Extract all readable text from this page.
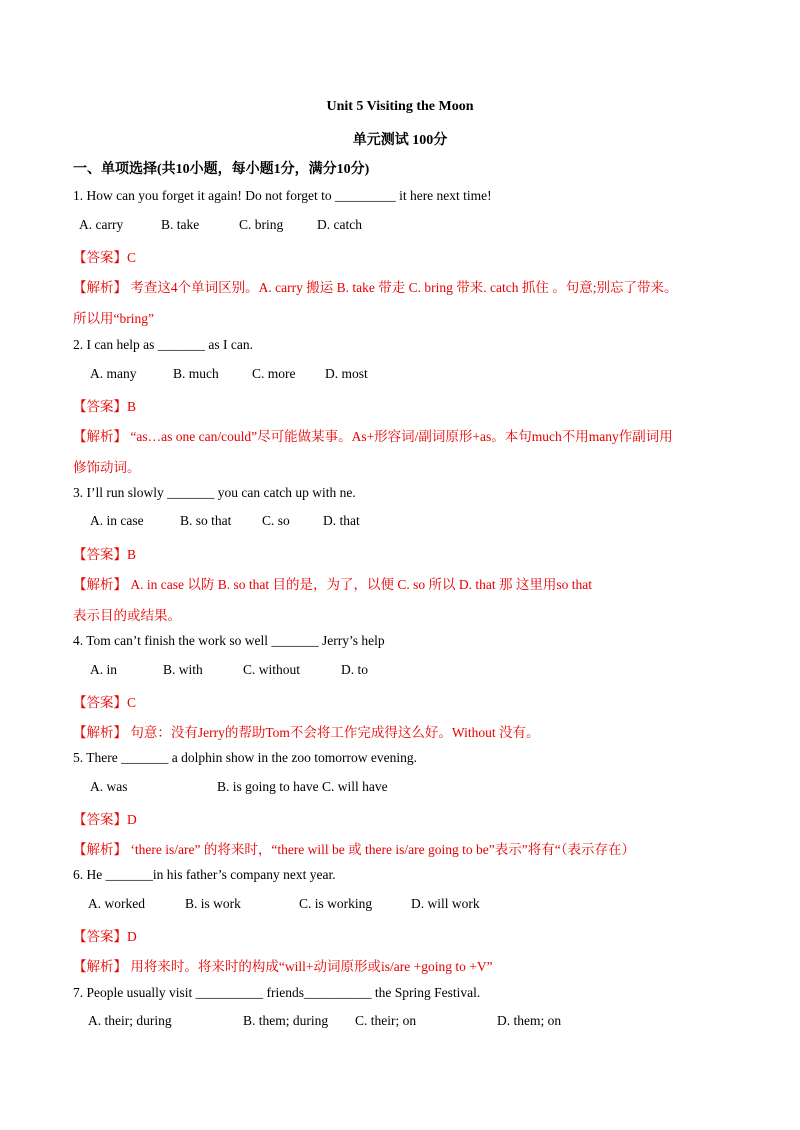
Unit 5 Visiting the Moon
单元测试 100分
一、单项选择(共10小题，每小题1分，满分10分)
1. How can you forget it again! Do not forget to _________ it here next time!
A. carry	B. take	C. bring D. catch
【答案】C
【解析】 考查这4个单词区别。A. carry 搬运 B. take 带走 C. bring 带来. catch 抓住 。句意;别忘了带来。
所以用“bring”
2. I can help as _______ as I can.
A. many	B. much C. more D. most
【答案】B
【解析】 “as…as one can/could”尽可能做某事。As+形容词/副词原形+as。本句much不用many作副词用
修饰动词。
3. I’ll run slowly _______ you can catch up with ne.
A. in case	B. so that C. so D. that
【答案】B
【解析】 A. in case 以防 B. so that 目的是，为了，以便 C. so 所以 D. that 那 这里用so that
表示目的或结果。
4. Tom can’t finish the work so well _______ Jerry’s help
A. in	B. with	C. without	D. to
【答案】C
【解析】 句意：没有Jerry的帮助Tom不会将工作完成得这么好。Without 没有。
5. There _______ a dolphin show in the zoo tomorrow evening.
A. was	B. is going to have C. will have
【答案】D
【解析】 ‘there is/are” 的将来时，“there will be 或 there is/are going to be”表示”将有“（表示存在）
6. He _______in his father’s company next year.
A. worked	B. is work	C. is working	D. will work
【答案】D
【解析】 用将来时。将来时的构成“will+动词原形或is/are +going to +V”
7. People usually visit __________ friends__________ the Spring Festival.
A. their; during	B. them; during C. their; on	D. them; on
